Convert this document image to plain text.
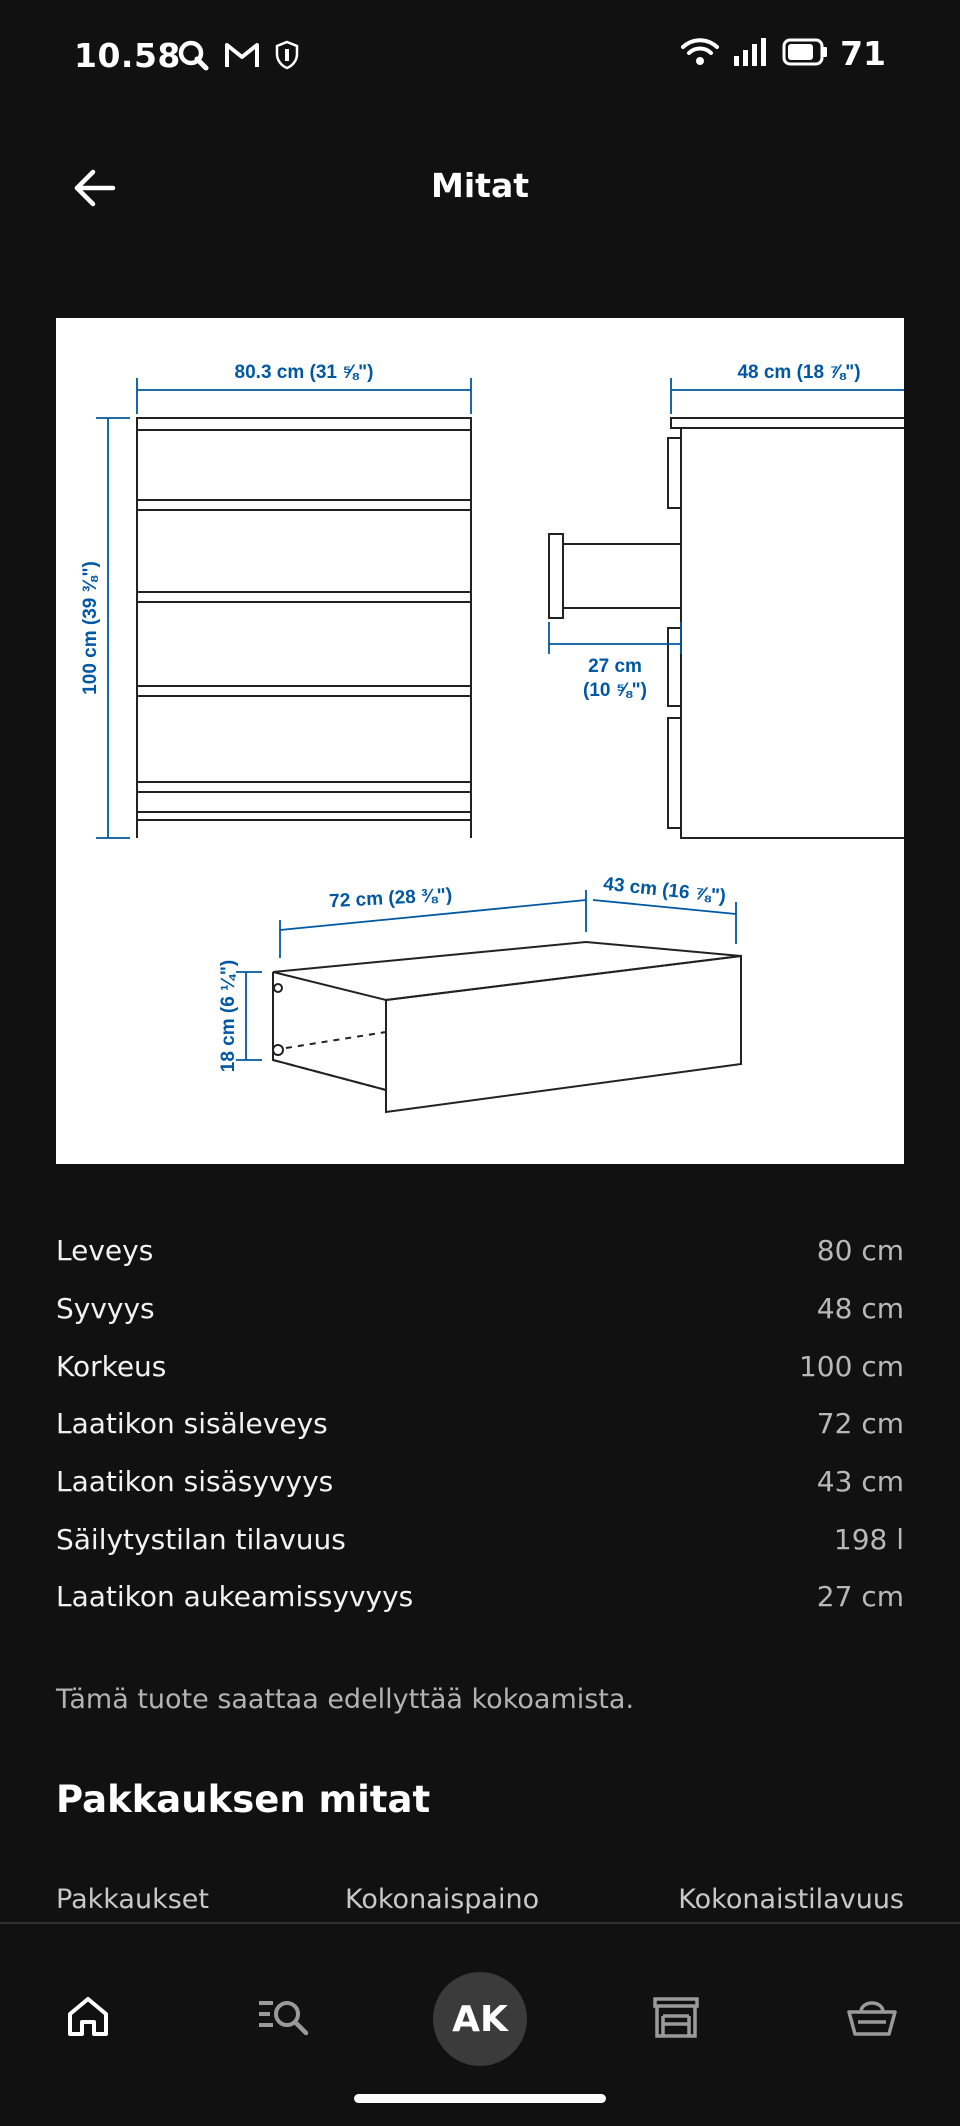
10.58	71
Mitat
80.3 cm (31 ⅝")	48 cm (18 ⅞")
100 cm (39 ⅜")	27 cm
(10 ⅝")
72 cm (28 ⅜")	43 cm (16 ⅞")
18 cm (6 ¼")
Leveys	80 cm
Syvyys	48 cm
Korkeus	100 cm
Laatikon sisäleveys	72 cm
Laatikon sisäsyvyys	43 cm
Säilytystilan tilavuus	198 l
Laatikon aukeamissyvyys	27 cm
Tämä tuote saattaa edellyttää kokoamista.
Pakkauksen mitat
Pakkaukset	Kokonaispaino	Kokonaistilavuus
AK
